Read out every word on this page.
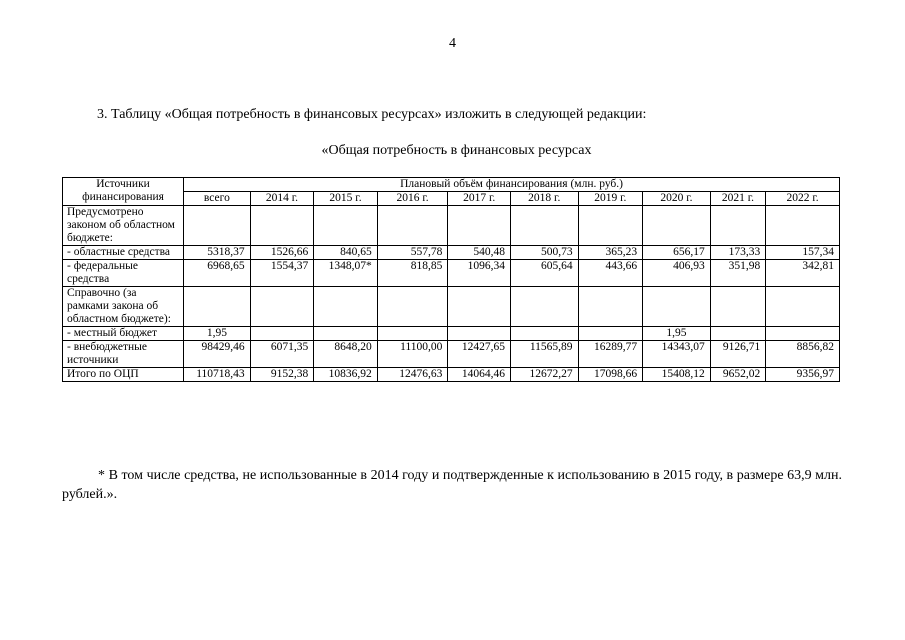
4
3. Таблицу «Общая потребность в финансовых ресурсах» изложить в следующей редакции:
«Общая потребность в финансовых ресурсах
Источники финансирования	Плановый объём финансирования (млн. руб.)									
	всего	2014 г.	2015 г.	2016 г.	2017 г.	2018 г.	2019 г.	2020 г.	2021 г.	2022 г.
Предусмотрено законом об областном бюджете:										
- областные средства	5318,37	1526,66	840,65	557,78	540,48	500,73	365,23	656,17	173,33	157,34
- федеральные средства	6968,65	1554,37	1348,07*	818,85	1096,34	605,64	443,66	406,93	351,98	342,81
Справочно (за рамками закона об областном бюджете):										
- местный бюджет	1,95							1,95		
- внебюджетные источники	98429,46	6071,35	8648,20	11100,00	12427,65	11565,89	16289,77	14343,07	9126,71	8856,82
Итого по ОЦП	110718,43	9152,38	10836,92	12476,63	14064,46	12672,27	17098,66	15408,12	9652,02	9356,97
* В том числе средства, не использованные в 2014 году и подтвержденные к использованию в 2015 году, в размере 63,9 млн. рублей.».
